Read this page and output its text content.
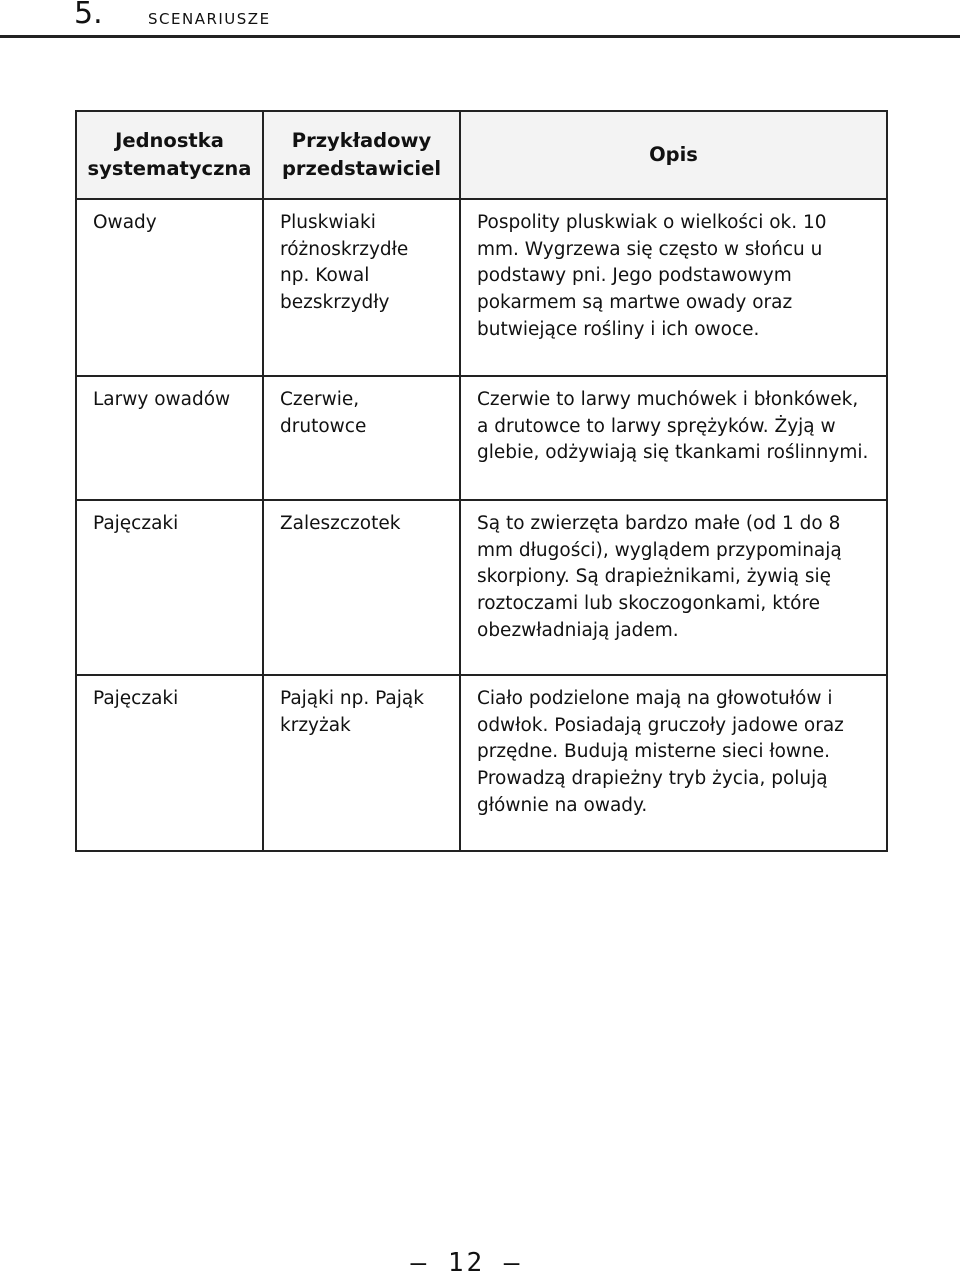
5. scenariusze
Jednostka systematyczna	Przykładowy przedstawiciel	Opis
Owady	Pluskwiaki różnoskrzydłe np. Kowal bezskrzydły	Pospolity pluskwiak o wielkości ok. 10 mm. Wygrzewa się często w słońcu u podstawy pni. Jego podstawowym pokarmem są martwe owady oraz butwiejące rośliny i ich owoce.
Larwy owadów	Czerwie, drutowce	Czerwie to larwy muchówek i błonkówek, a drutowce to larwy sprężyków. Żyją w glebie, odżywiają się tkankami roślinnymi.
Pajęczaki	Zaleszczotek	Są to zwierzęta bardzo małe (od 1 do 8 mm długości), wyglądem przypominają skorpiony. Są drapieżnikami, żywią się roztoczami lub skoczogonkami, które obezwładniają jadem.
Pajęczaki	Pająki np. Pająk krzyżak	Ciało podzielone mają na głowotułów i odwłok. Posiadają gruczoły jadowe oraz przędne. Budują misterne sieci łowne. Prowadzą drapieżny tryb życia, polują głównie na owady.
– 12 –
